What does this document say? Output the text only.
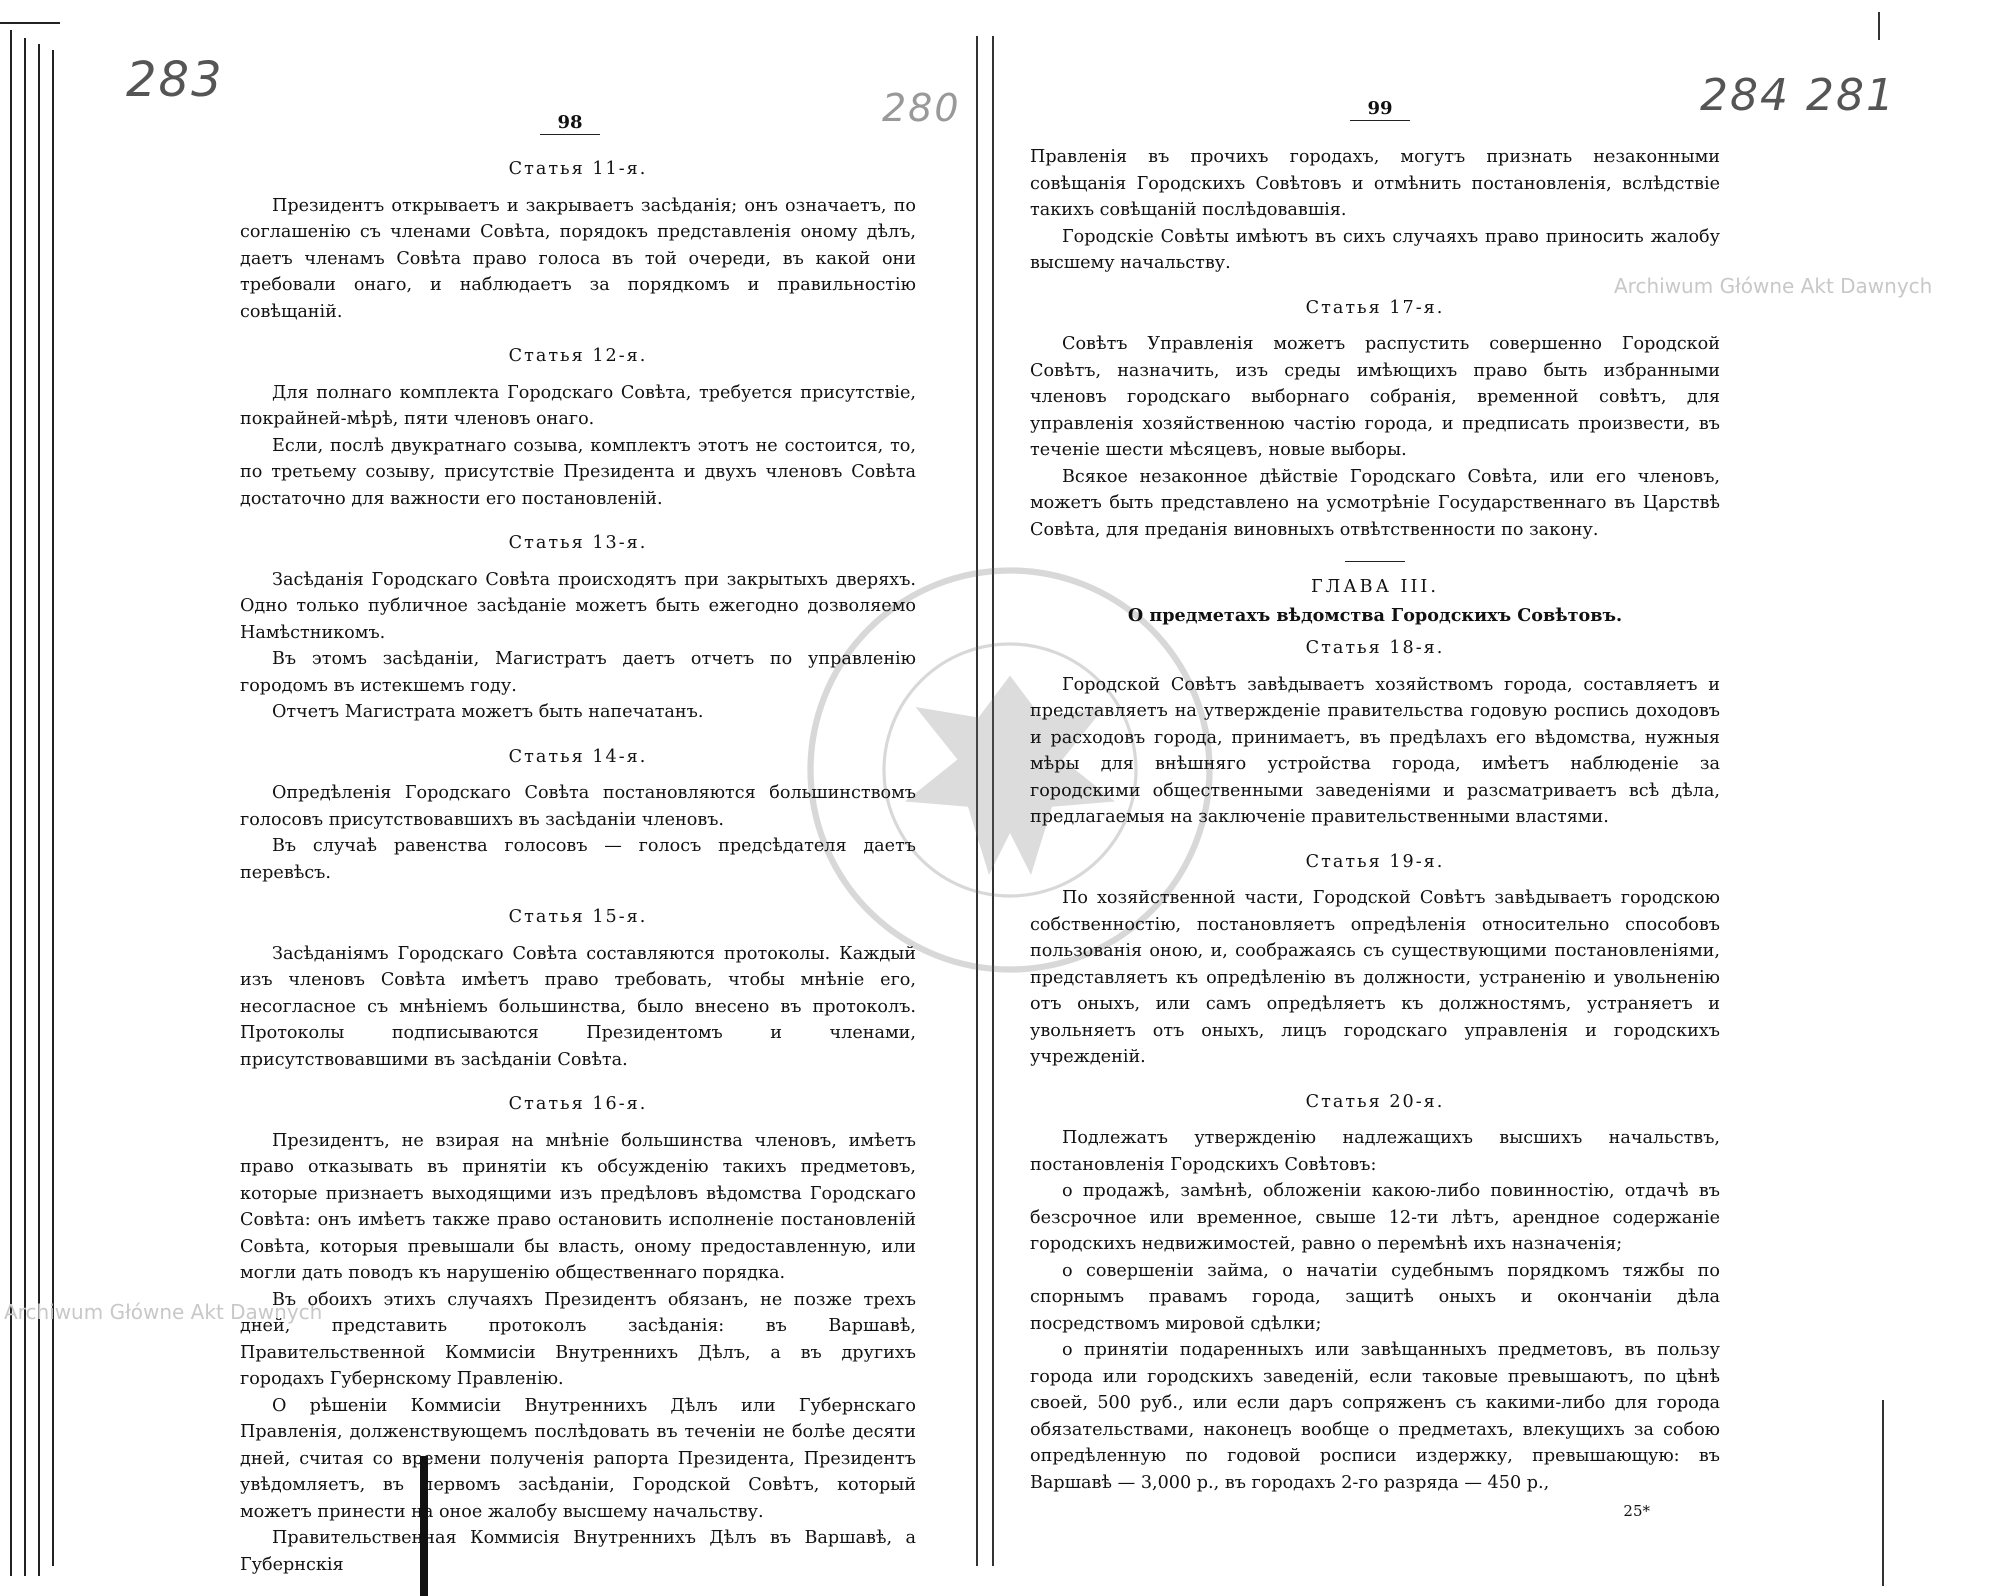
Archiwum Główne Akt Dawnych
Archiwum Główne Akt Dawnych
283	280	284 281
98
99

Статья 11-я.

Президентъ открываетъ и закрываетъ засѣданія; онъ означаетъ, по соглашенію съ членами Совѣта, порядокъ представленія оному дѣлъ, даетъ членамъ Совѣта право голоса въ той очереди, въ какой они требовали онаго, и наблюдаетъ за порядкомъ и правильностію совѣщаній.

Статья 12-я.

Для полнаго комплекта Городскаго Совѣта, требуется присутствіе, покрайней-мѣрѣ, пяти членовъ онаго.

Если, послѣ двукратнаго созыва, комплектъ этотъ не состоится, то, по третьему созыву, присутствіе Президента и двухъ членовъ Совѣта достаточно для важности его постановленій.

Статья 13-я.

Засѣданія Городскаго Совѣта происходятъ при закрытыхъ дверяхъ. Одно только публичное засѣданіе можетъ быть ежегодно дозволяемо Намѣстникомъ.

Въ этомъ засѣданіи, Магистратъ даетъ отчетъ по управленію городомъ въ истекшемъ году.

Отчетъ Магистрата можетъ быть напечатанъ.

Статья 14-я.

Опредѣленія Городскаго Совѣта постановляются большинствомъ голосовъ присутствовавшихъ въ засѣданіи членовъ.

Въ случаѣ равенства голосовъ — голосъ предсѣдателя даетъ перевѣсъ.

Статья 15-я.

Засѣданіямъ Городскаго Совѣта составляются протоколы. Каждый изъ членовъ Совѣта имѣетъ право требовать, чтобы мнѣніе его, несогласное съ мнѣніемъ большинства, было внесено въ протоколъ. Протоколы подписываются Президентомъ и членами, присутствовавшими въ засѣданіи Совѣта.

Статья 16-я.

Президентъ, не взирая на мнѣніе большинства членовъ, имѣетъ право отказывать въ принятіи къ обсужденію такихъ предметовъ, которые признаетъ выходящими изъ предѣловъ вѣдомства Городскаго Совѣта: онъ имѣетъ также право остановить исполненіе постановленій Совѣта, которыя превышали бы власть, оному предоставленную, или могли дать поводъ къ нарушенію общественнаго порядка.

Въ обоихъ этихъ случаяхъ Президентъ обязанъ, не позже трехъ дней, представить протоколъ засѣданія: въ Варшавѣ, Правительственной Коммисіи Внутреннихъ Дѣлъ, а въ другихъ городахъ Губернскому Правленію.

О рѣшеніи Коммисіи Внутреннихъ Дѣлъ или Губернскаго Правленія, долженствующемъ послѣдовать въ теченіи не болѣе десяти дней, считая со времени полученія рапорта Президента, Президентъ увѣдомляетъ, въ первомъ засѣданіи, Городской Совѣтъ, который можетъ принести на оное жалобу высшему начальству.

Правительственная Коммисія Внутреннихъ Дѣлъ въ Варшавѣ, а Губернскія

Правленія въ прочихъ городахъ, могутъ признать незаконными совѣщанія Городскихъ Совѣтовъ и отмѣнить постановленія, вслѣдствіе такихъ совѣщаній послѣдовавшія.

Городскіе Совѣты имѣютъ въ сихъ случаяхъ право приносить жалобу высшему начальству.

Статья 17-я.

Совѣтъ Управленія можетъ распустить совершенно Городской Совѣтъ, назначить, изъ среды имѣющихъ право быть избранными членовъ городскаго выборнаго собранія, временной совѣтъ, для управленія хозяйственною частію города, и предписать произвести, въ теченіе шести мѣсяцевъ, новые выборы.

Всякое незаконное дѣйствіе Городскаго Совѣта, или его членовъ, можетъ быть представлено на усмотрѣніе Государственнаго въ Царствѣ Совѣта, для преданія виновныхъ отвѣтственности по закону.

ГЛАВА III.

О предметахъ вѣдомства Городскихъ Совѣтовъ.

Статья 18-я.

Городской Совѣтъ завѣдываетъ хозяйствомъ города, составляетъ и представляетъ на утвержденіе правительства годовую роспись доходовъ и расходовъ города, принимаетъ, въ предѣлахъ его вѣдомства, нужныя мѣры для внѣшняго устройства города, имѣетъ наблюденіе за городскими общественными заведеніями и разсматриваетъ всѣ дѣла, предлагаемыя на заключеніе правительственными властями.

Статья 19-я.

По хозяйственной части, Городской Совѣтъ завѣдываетъ городскою собственностію, постановляетъ опредѣленія относительно способовъ пользованія оною, и, соображаясь съ существующими постановленіями, представляетъ къ опредѣленію въ должности, устраненію и увольненію отъ оныхъ, или самъ опредѣляетъ къ должностямъ, устраняетъ и увольняетъ отъ оныхъ, лицъ городскаго управленія и городскихъ учрежденій.

Статья 20-я.

Подлежатъ утвержденію надлежащихъ высшихъ начальствъ, постановленія Городскихъ Совѣтовъ:

о продажѣ, замѣнѣ, обложеніи какою-либо повинностію, отдачѣ въ безсрочное или временное, свыше 12-ти лѣтъ, арендное содержаніе городскихъ недвижимостей, равно о перемѣнѣ ихъ назначенія;

о совершеніи займа, о начатіи судебнымъ порядкомъ тяжбы по спорнымъ правамъ города, защитѣ оныхъ и окончаніи дѣла посредствомъ мировой сдѣлки;

о принятіи подаренныхъ или завѣщанныхъ предметовъ, въ пользу города или городскихъ заведеній, если таковые превышаютъ, по цѣнѣ своей, 500 руб., или если даръ сопряженъ съ какими-либо для города обязательствами, наконецъ вообще о предметахъ, влекущихъ за собою опредѣленную по годовой росписи издержку, превышающую: въ Варшавѣ — 3,000 р., въ городахъ 2-го разряда — 450 р.,

25*
